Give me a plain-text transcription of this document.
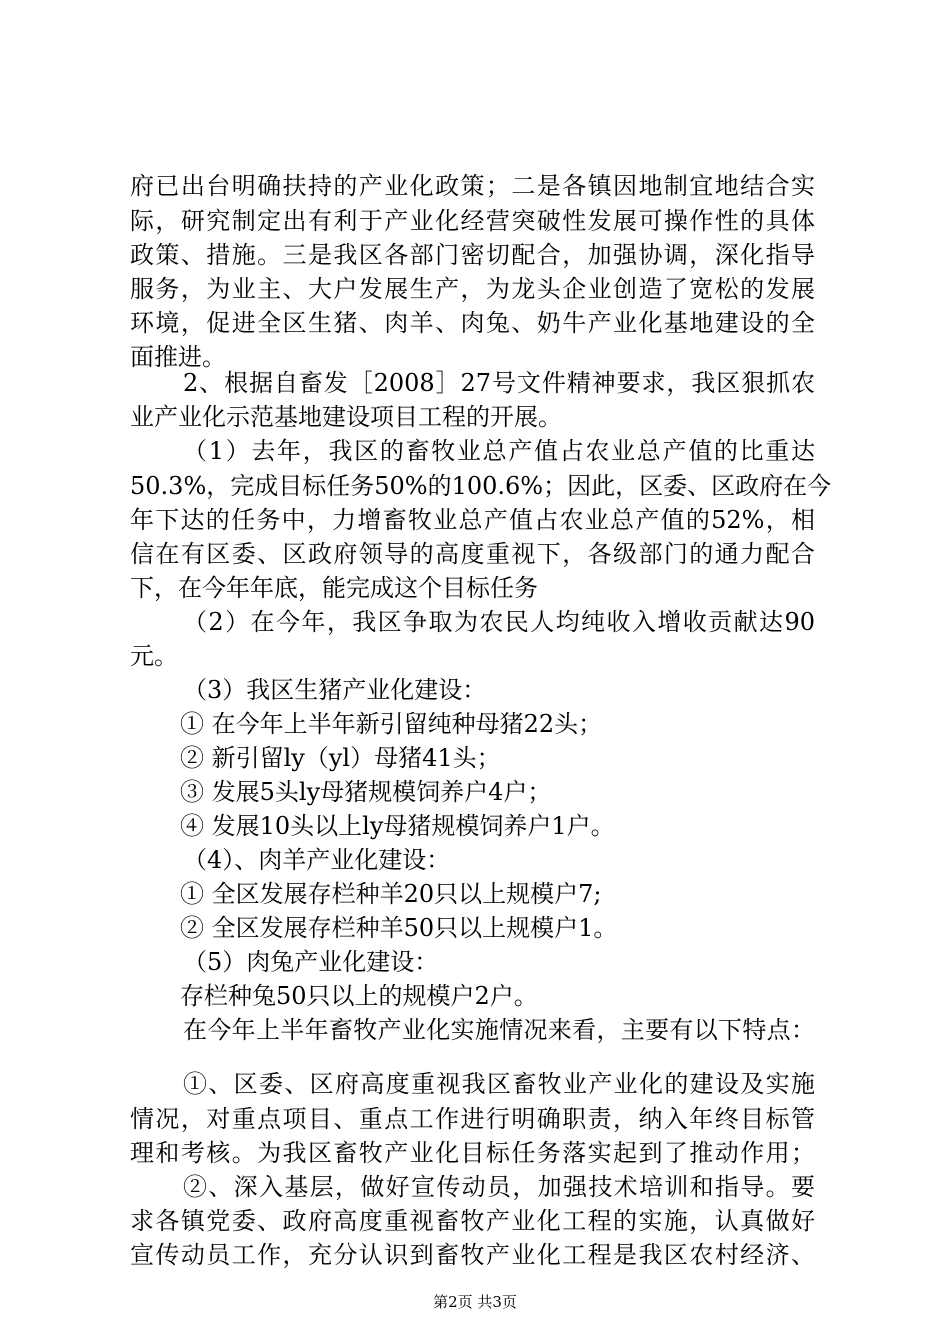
府已出台明确扶持的产业化政策；二是各镇因地制宜地结合实
际，研究制定出有利于产业化经营突破性发展可操作性的具体
政策、措施。三是我区各部门密切配合，加强协调，深化指导
服务，为业主、大户发展生产，为龙头企业创造了宽松的发展
环境，促进全区生猪、肉羊、肉兔、奶牛产业化基地建设的全
面推进。
2、根据自畜发［2008］27号文件精神要求，我区狠抓农
业产业化示范基地建设项目工程的开展。
（1）去年，我区的畜牧业总产值占农业总产值的比重达
50.3%，完成目标任务50%的100.6%；因此，区委、区政府在今
年下达的任务中，力增畜牧业总产值占农业总产值的52%，相
信在有区委、区政府领导的高度重视下，各级部门的通力配合
下，在今年年底，能完成这个目标任务
（2）在今年，我区争取为农民人均纯收入增收贡献达90
元。
（3）我区生猪产业化建设：
① 在今年上半年新引留纯种母猪22头；
② 新引留ly（yl）母猪41头；
③ 发展5头ly母猪规模饲养户4户；
④ 发展10头以上ly母猪规模饲养户1户。
（4）、肉羊产业化建设：
① 全区发展存栏种羊20只以上规模户7;
② 全区发展存栏种羊50只以上规模户1。
（5）肉兔产业化建设：
存栏种兔50只以上的规模户2户。
在今年上半年畜牧产业化实施情况来看，主要有以下特点：
①、区委、区府高度重视我区畜牧业产业化的建设及实施
情况，对重点项目、重点工作进行明确职责，纳入年终目标管
理和考核。为我区畜牧产业化目标任务落实起到了推动作用；
②、深入基层，做好宣传动员，加强技术培训和指导。要
求各镇党委、政府高度重视畜牧产业化工程的实施，认真做好
宣传动员工作，充分认识到畜牧产业化工程是我区农村经济、
第2页 共3页
